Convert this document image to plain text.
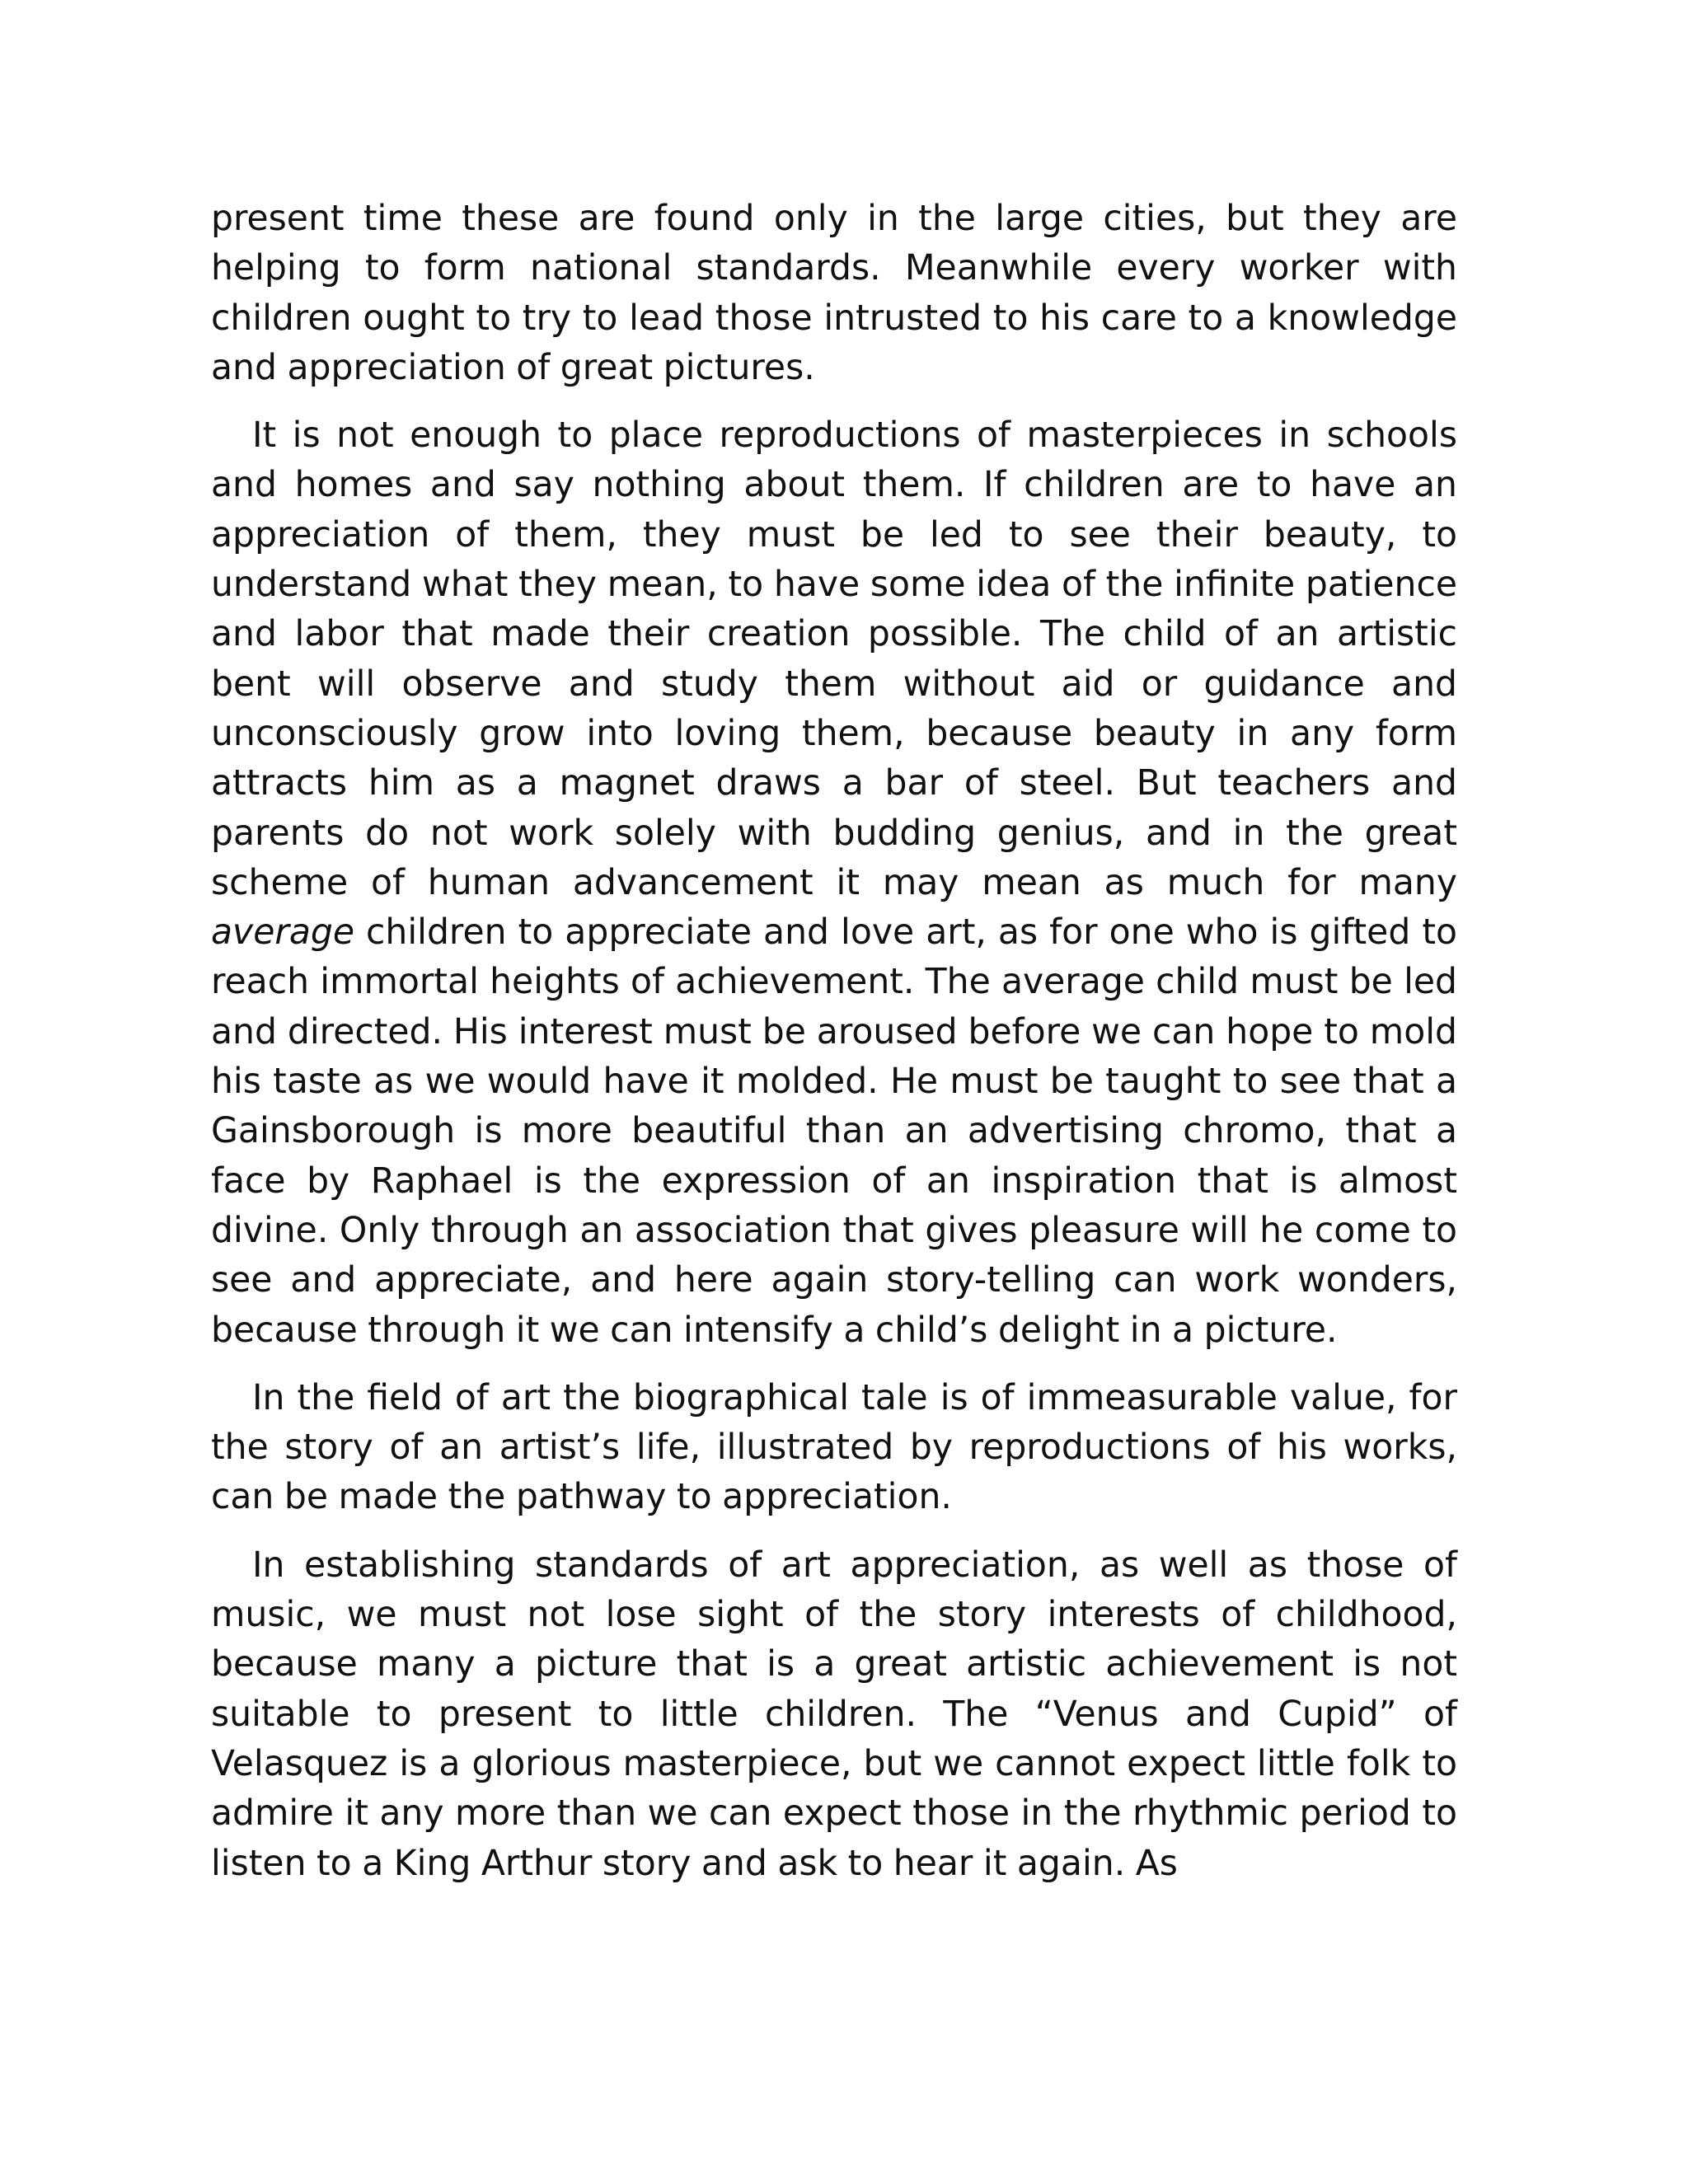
present time these are found only in the large cities, but they are helping to form national standards. Meanwhile every worker with children ought to try to lead those intrusted to his care to a knowledge and appreciation of great pictures.

It is not enough to place reproductions of masterpieces in schools and homes and say nothing about them. If children are to have an appreciation of them, they must be led to see their beauty, to understand what they mean, to have some idea of the infinite patience and labor that made their creation possible. The child of an artistic bent will observe and study them without aid or guidance and unconsciously grow into loving them, because beauty in any form attracts him as a magnet draws a bar of steel. But teachers and parents do not work solely with budding genius, and in the great scheme of human advancement it may mean as much for many average children to appreciate and love art, as for one who is gifted to reach immortal heights of achievement. The average child must be led and directed. His interest must be aroused before we can hope to mold his taste as we would have it molded. He must be taught to see that a Gainsborough is more beautiful than an advertising chromo, that a face by Raphael is the expression of an inspiration that is almost divine. Only through an association that gives pleasure will he come to see and appreciate, and here again story-telling can work wonders, because through it we can intensify a child’s delight in a picture.

In the field of art the biographical tale is of immeasurable value, for the story of an artist’s life, illustrated by reproductions of his works, can be made the pathway to appreciation.

In establishing standards of art appreciation, as well as those of music, we must not lose sight of the story interests of childhood, because many a picture that is a great artistic achievement is not suitable to present to little children. The “Venus and Cupid” of Velasquez is a glorious masterpiece, but we cannot expect little folk to admire it any more than we can expect those in the rhythmic period to listen to a King Arthur story and ask to hear it again. As
